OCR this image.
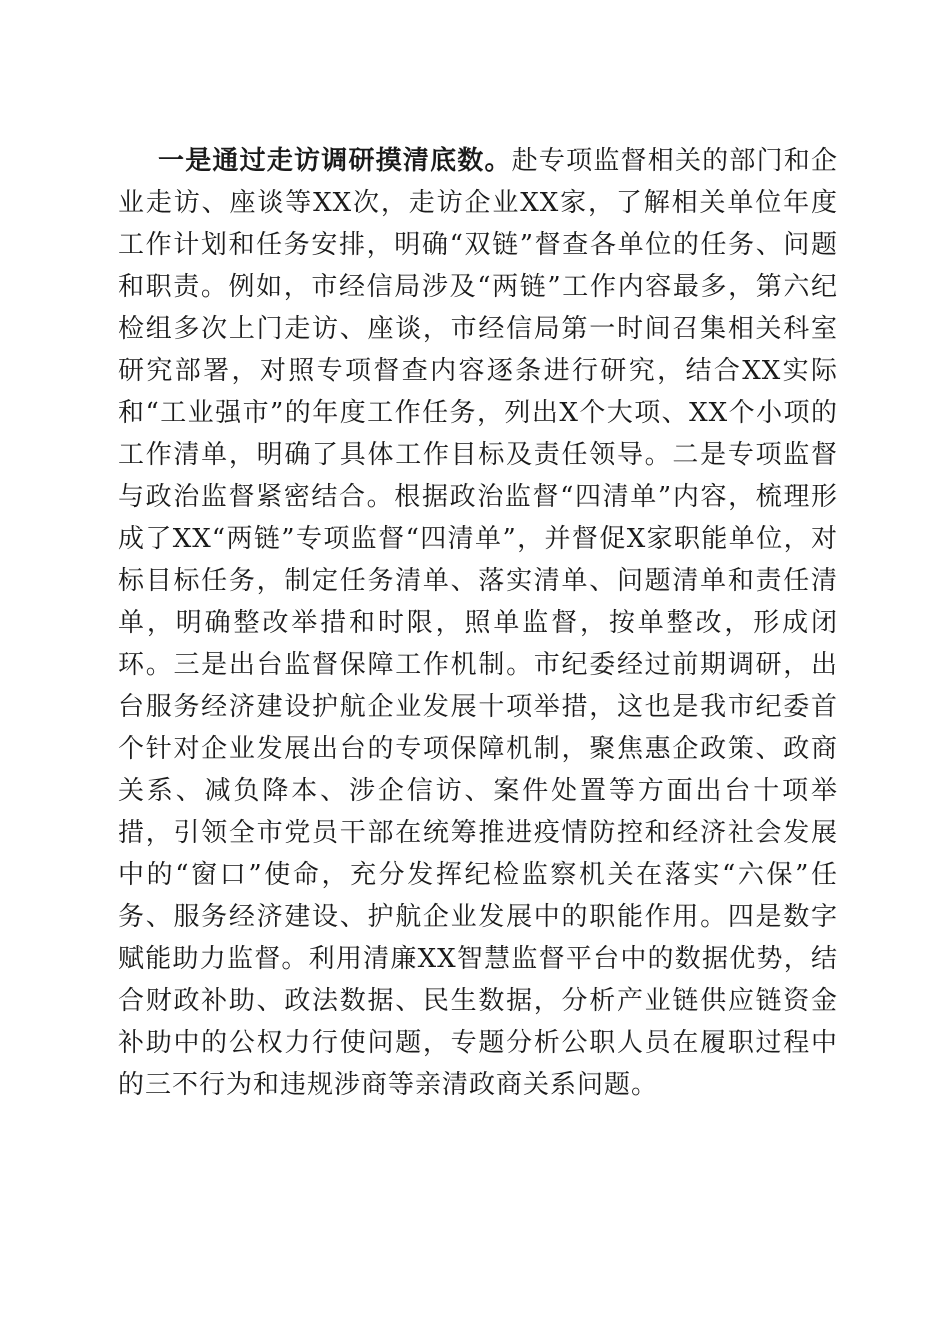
一是通过走访调研摸清底数。赴专项监督相关的部门和企业走访、座谈等XX次，走访企业XX家，了解相关单位年度工作计划和任务安排，明确“双链”督查各单位的任务、问题和职责。例如，市经信局涉及“两链”工作内容最多，第六纪检组多次上门走访、座谈，市经信局第一时间召集相关科室研究部署，对照专项督查内容逐条进行研究，结合XX实际和“工业强市”的年度工作任务，列出X个大项、XX个小项的工作清单，明确了具体工作目标及责任领导。二是专项监督与政治监督紧密结合。根据政治监督“四清单”内容，梳理形成了XX“两链”专项监督“四清单”，并督促X家职能单位，对标目标任务，制定任务清单、落实清单、问题清单和责任清单，明确整改举措和时限，照单监督，按单整改，形成闭环。三是出台监督保障工作机制。市纪委经过前期调研，出台服务经济建设护航企业发展十项举措，这也是我市纪委首个针对企业发展出台的专项保障机制，聚焦惠企政策、政商关系、减负降本、涉企信访、案件处置等方面出台十项举措，引领全市党员干部在统筹推进疫情防控和经济社会发展中的“窗口”使命，充分发挥纪检监察机关在落实“六保”任务、服务经济建设、护航企业发展中的职能作用。四是数字赋能助力监督。利用清廉XX智慧监督平台中的数据优势，结合财政补助、政法数据、民生数据，分析产业链供应链资金补助中的公权力行使问题，专题分析公职人员在履职过程中的三不行为和违规涉商等亲清政商关系问题。
